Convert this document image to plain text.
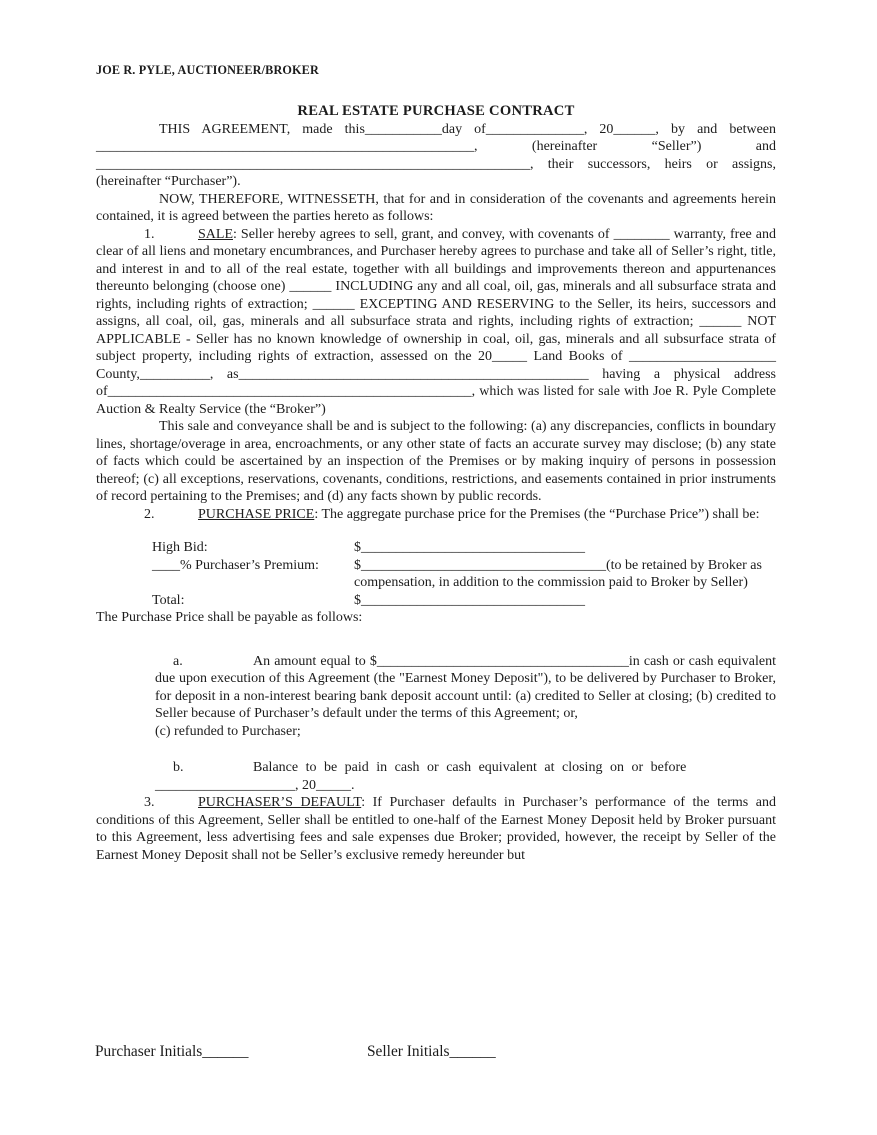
JOE R. PYLE, AUCTIONEER/BROKER
REAL ESTATE PURCHASE CONTRACT

THIS AGREEMENT, made this___________day of______________, 20______, by and between ______________________________________________________, (hereinafter “Seller”) and ______________________________________________________________, their successors, heirs or assigns, (hereinafter “Purchaser”).

NOW, THEREFORE, WITNESSETH, that for and in consideration of the covenants and agreements herein contained, it is agreed between the parties hereto as follows:

1.	SALE: Seller hereby agrees to sell, grant, and convey, with covenants of ________ warranty, free and clear of all liens and monetary encumbrances, and Purchaser hereby agrees to purchase and take all of Seller’s right, title, and interest in and to all of the real estate, together with all buildings and improvements thereon and appurtenances thereunto belonging (choose one) ______ INCLUDING any and all coal, oil, gas, minerals and all subsurface strata and rights, including rights of extraction; ______ EXCEPTING AND RESERVING to the Seller, its heirs, successors and assigns, all coal, oil, gas, minerals and all subsurface strata and rights, including rights of extraction; ______ NOT APPLICABLE - Seller has no known knowledge of ownership in coal, oil, gas, minerals and all subsurface strata of subject property, including rights of extraction, assessed on the 20_____ Land Books of _____________________ County,__________, as__________________________________________________ having a physical address of____________________________________________________, which was listed for sale with Joe R. Pyle Complete Auction & Realty Service (the “Broker”)

This sale and conveyance shall be and is subject to the following: (a) any discrepancies, conflicts in boundary lines, shortage/overage in area, encroachments, or any other state of facts an accurate survey may disclose; (b) any state of facts which could be ascertained by an inspection of the Premises or by making inquiry of persons in possession thereof; (c) all exceptions, reservations, covenants, conditions, restrictions, and easements contained in prior instruments of record pertaining to the Premises; and (d) any facts shown by public records.

2.	PURCHASE PRICE: The aggregate purchase price for the Premises (the “Purchase Price”) shall be:

High Bid:	$________________________________
____% Purchaser’s Premium:	$___________________________________(to be retained by Broker as
compensation, in addition to the commission paid to Broker by Seller)
Total:	$________________________________

The Purchase Price shall be payable as follows:

a.	An amount equal to $____________________________________in cash or cash equivalent due upon execution of this Agreement (the "Earnest Money Deposit"), to be delivered by Purchaser to Broker, for deposit in a non-interest bearing bank deposit account until: (a) credited to Seller at closing; (b) credited to Seller because of Purchaser’s default under the terms of this Agreement; or,

(c) refunded to Purchaser;

b.	Balance to be paid in cash or cash equivalent at closing on or before

____________________, 20_____.

3.	PURCHASER’S DEFAULT: If Purchaser defaults in Purchaser’s performance of the terms and conditions of this Agreement, Seller shall be entitled to one-half of the Earnest Money Deposit held by Broker pursuant to this Agreement, less advertising fees and sale expenses due Broker; provided, however, the receipt by Seller of the Earnest Money Deposit shall not be Seller’s exclusive remedy hereunder but

Purchaser Initials______	Seller Initials______
